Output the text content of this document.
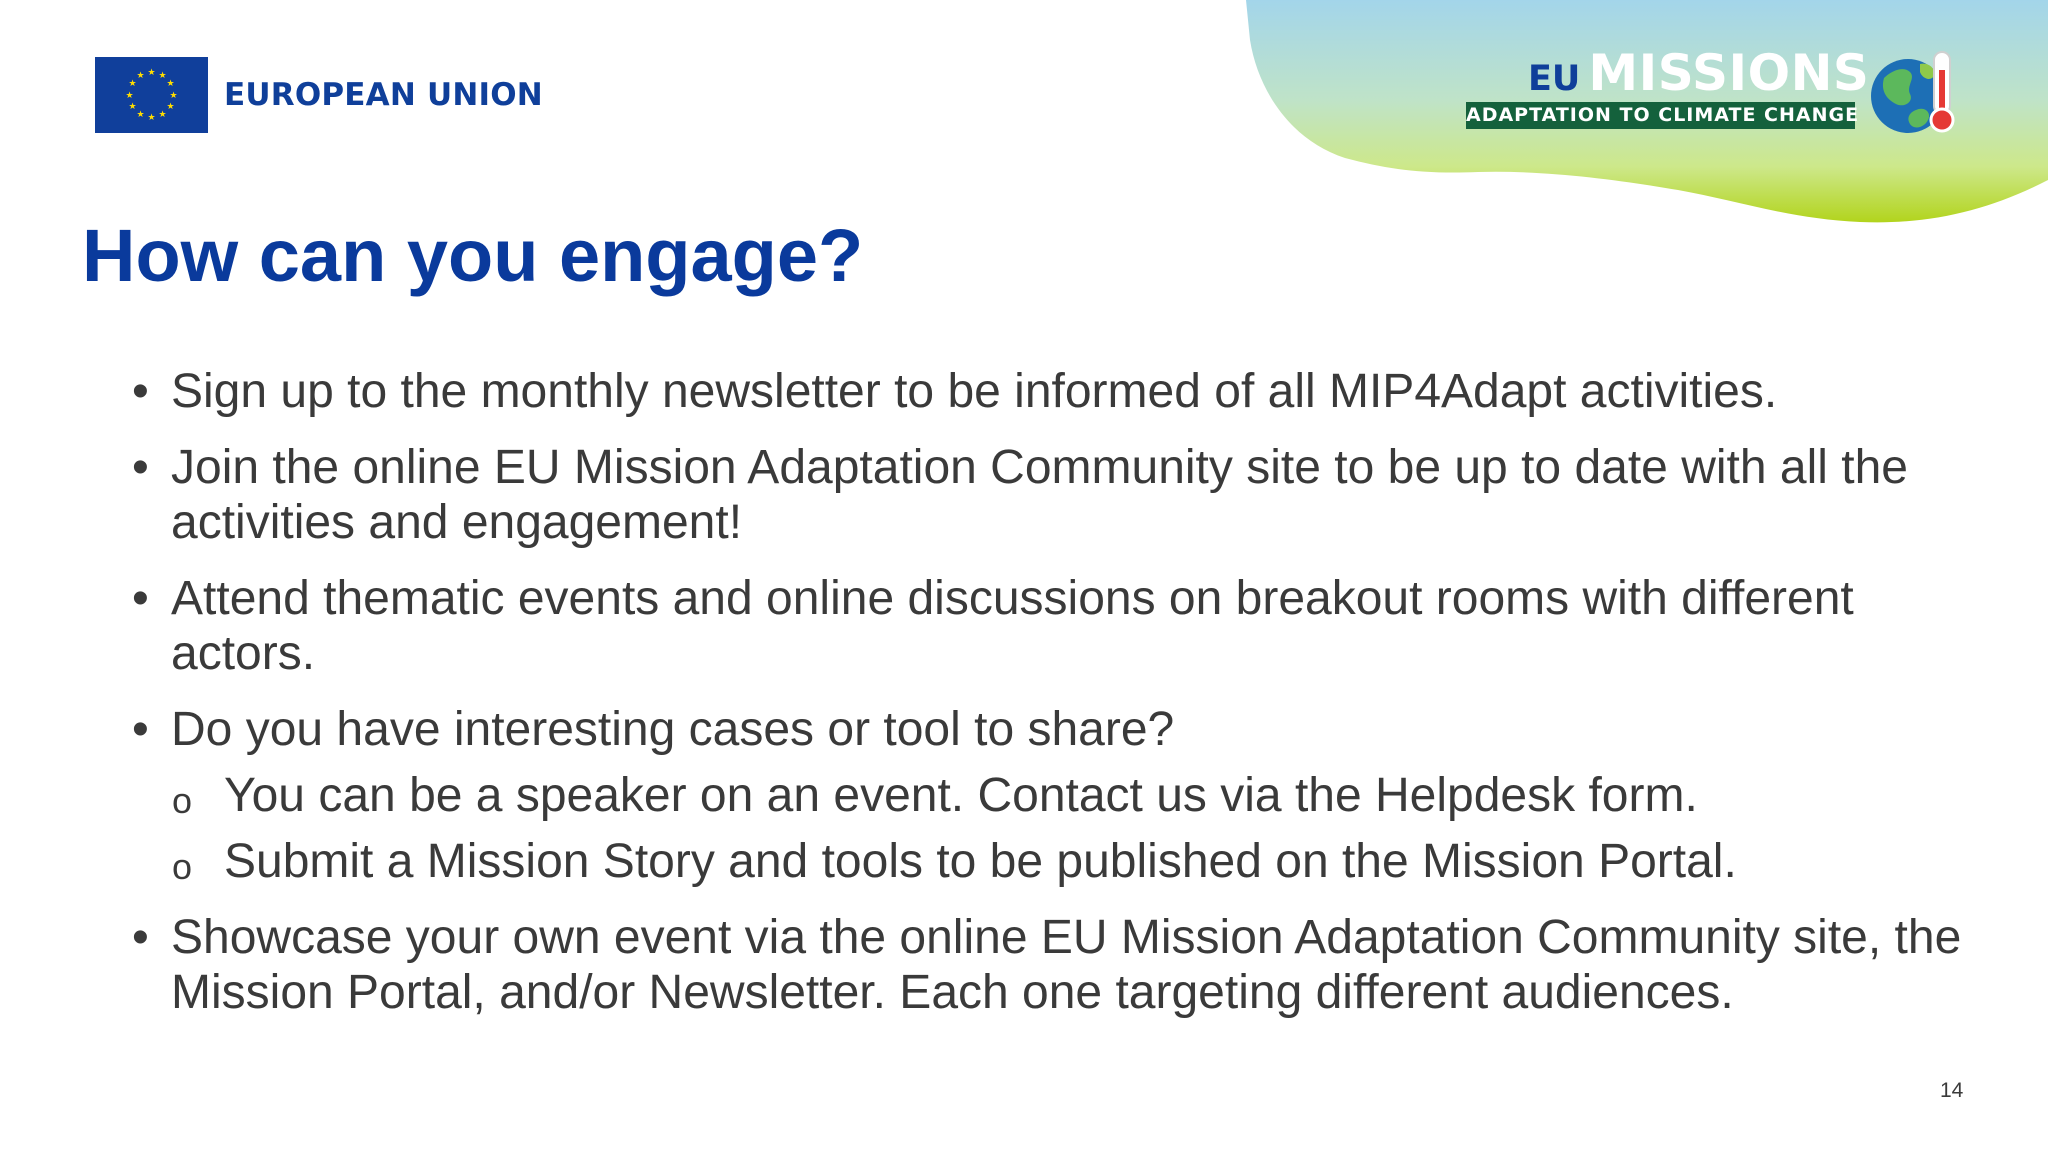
★ ★
★
★
★
★
★
★
★
★
★
★
EUROPEAN UNION	EU MISSIONS
ADAPTATION TO CLIMATE CHANGE
How can you engage?
• Sign up to the monthly newsletter to be informed of all MIP4Adapt activities.
• Join the online EU Mission Adaptation Community site to be up to date with all the activities and engagement!
• Attend thematic events and online discussions on breakout rooms with different actors.
• Do you have interesting cases or tool to share?
o You can be a speaker on an event. Contact us via the Helpdesk form.
o Submit a Mission Story and tools to be published on the Mission Portal.
• Showcase your own event via the online EU Mission Adaptation Community site, the Mission Portal, and/or Newsletter. Each one targeting different audiences.
14
